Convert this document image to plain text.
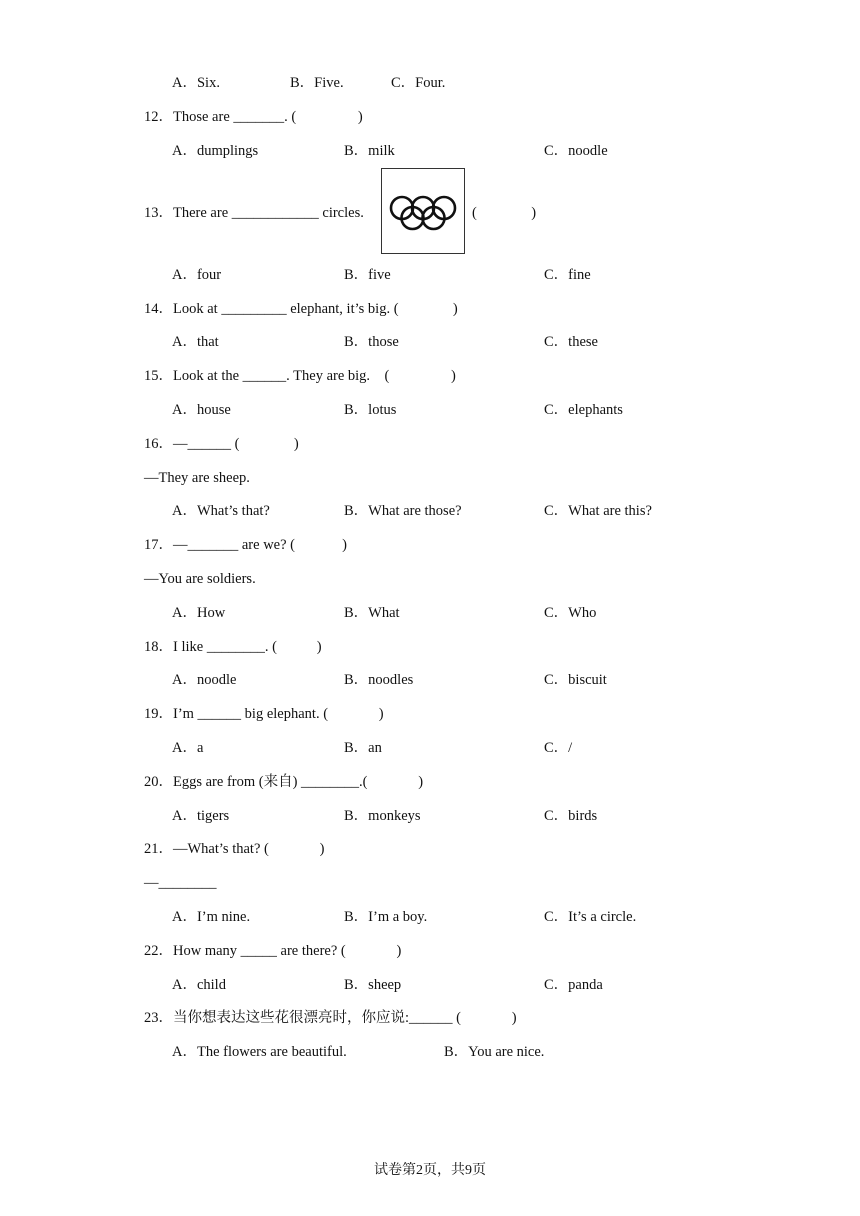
A．Six.	B．Five.	C．Four.
12．Those are _______. (                 )
A．dumplings	B．milk	C．noodle
13．There are ____________ circles.	(               )
A．four	B．five	C．fine
14．Look at _________ elephant, it’s big. (               )
A．that	B．those	C．these
15．Look at the ______. They are big.    (                 )
A．house	B．lotus	C．elephants
16．—______ (               )
—They are sheep.
A．What’s that?	B．What are those?	C．What are this?
17．—_______ are we? (             )
—You are soldiers.
A．How	B．What	C．Who
18．I like ________. (           )
A．noodle	B．noodles	C．biscuit
19．I’m ______ big elephant. (              )
A．a	B．an	C．/
20．Eggs are from (来自) ________.(              )
A．tigers	B．monkeys	C．birds
21．—What’s that? (              )
—________
A．I’m nine.	B．I’m a boy.	C．It’s a circle.
22．How many _____ are there? (              )
A．child	B．sheep	C．panda
23．当你想表达这些花很漂亮时，你应说:______ (              )
A．The flowers are beautiful.	B．You are nice.
试卷第2页，共9页
